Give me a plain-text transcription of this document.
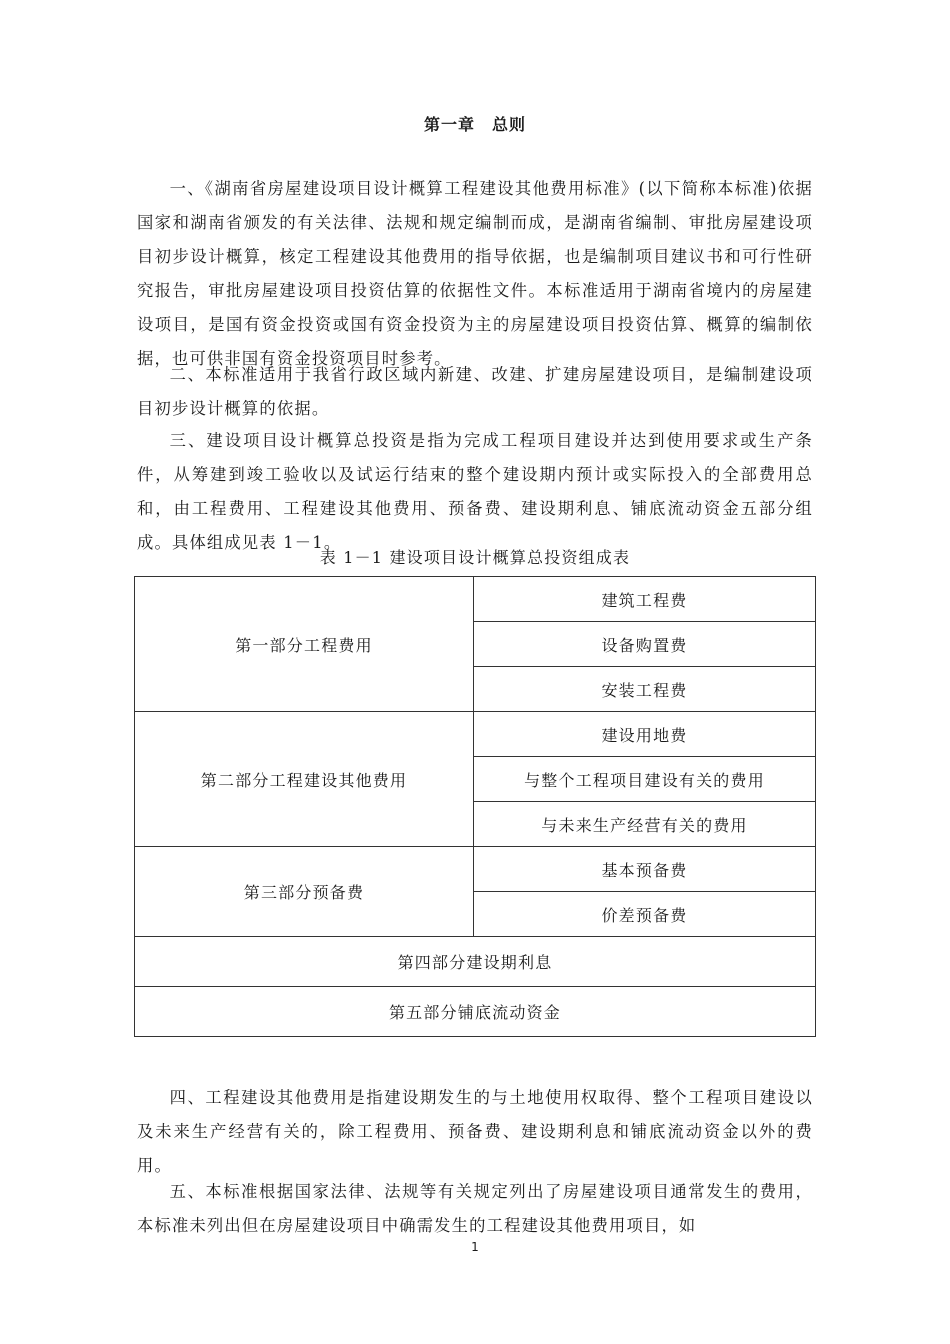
第一章　总则

一、《湖南省房屋建设项目设计概算工程建设其他费用标准》(以下简称本标准)依据国家和湖南省颁发的有关法律、法规和规定编制而成，是湖南省编制、审批房屋建设项目初步设计概算，核定工程建设其他费用的指导依据，也是编制项目建议书和可行性研究报告，审批房屋建设项目投资估算的依据性文件。本标准适用于湖南省境内的房屋建设项目，是国有资金投资或国有资金投资为主的房屋建设项目投资估算、概算的编制依据，也可供非国有资金投资项目时参考。

二、本标准适用于我省行政区域内新建、改建、扩建房屋建设项目，是编制建设项目初步设计概算的依据。

三、建设项目设计概算总投资是指为完成工程项目建设并达到使用要求或生产条件，从筹建到竣工验收以及试运行结束的整个建设期内预计或实际投入的全部费用总和，由工程费用、工程建设其他费用、预备费、建设期利息、铺底流动资金五部分组成。具体组成见表 1－1。

表 1－1 建设项目设计概算总投资组成表
第一部分工程费用	建筑工程费
	设备购置费
	安装工程费
第二部分工程建设其他费用	建设用地费
	与整个工程项目建设有关的费用
	与未来生产经营有关的费用
第三部分预备费	基本预备费
	价差预备费
第四部分建设期利息	
第五部分铺底流动资金	

四、工程建设其他费用是指建设期发生的与土地使用权取得、整个工程项目建设以及未来生产经营有关的，除工程费用、预备费、建设期利息和铺底流动资金以外的费用。

五、本标准根据国家法律、法规等有关规定列出了房屋建设项目通常发生的费用，本标准未列出但在房屋建设项目中确需发生的工程建设其他费用项目，如

1
